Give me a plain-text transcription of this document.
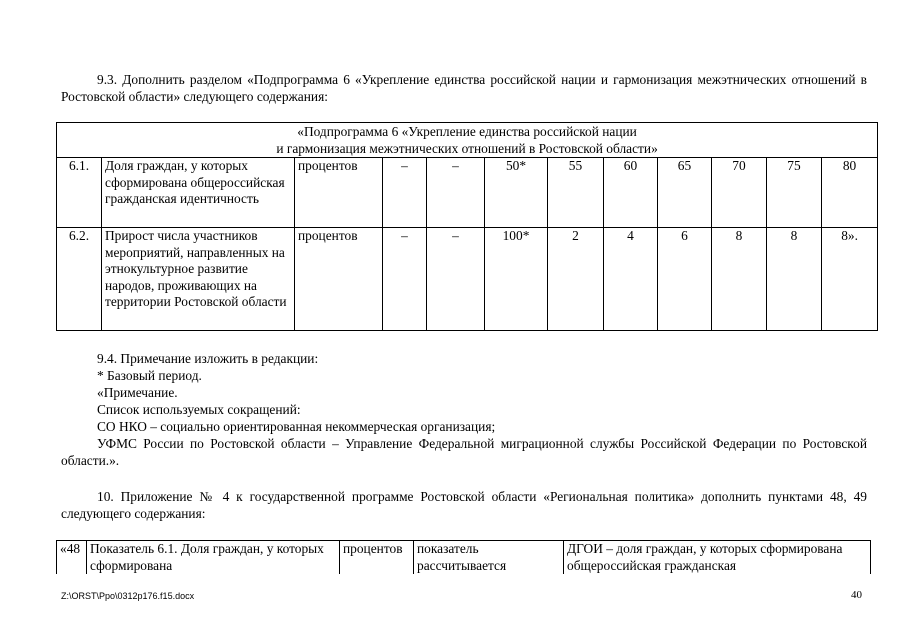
9.3. Дополнить разделом «Подпрограмма 6 «Укрепление единства российской нации и гармонизация межэтнических отношений в Ростовской области» следующего содержания:

«Подпрограмма 6 «Укрепление единства российской нации
и гармонизация межэтнических отношений в Ростовской области»											

6.1.	Доля граждан, у которых сформирована общероссийская гражданская идентичность	процентов	–	–	50*	55	60	65	70	75	80
6.2.	Прирост числа участников мероприятий, направленных на этнокультурное развитие народов, проживающих на территории Ростовской области	процентов	–	–	100*	2	4	6	8	8	8».

9.4. Примечание изложить в редакции:

* Базовый период.

«Примечание.

Список используемых сокращений:

СО НКО – социально ориентированная некоммерческая организация;

УФМС России по Ростовской области – Управление Федеральной миграционной службы Российской Федерации по Ростовской области.».

10. Приложение № 4 к государственной программе Ростовской области «Региональная политика» дополнить пунктами 48, 49 следующего содержания:

«48	Показатель 6.1. Доля граждан, у которых сформирована	процентов	показатель рассчитывается	ДГОИ – доля граждан, у которых сформирована общероссийская гражданская
Z:\ORST\Ppo\0312p176.f15.docx	40
